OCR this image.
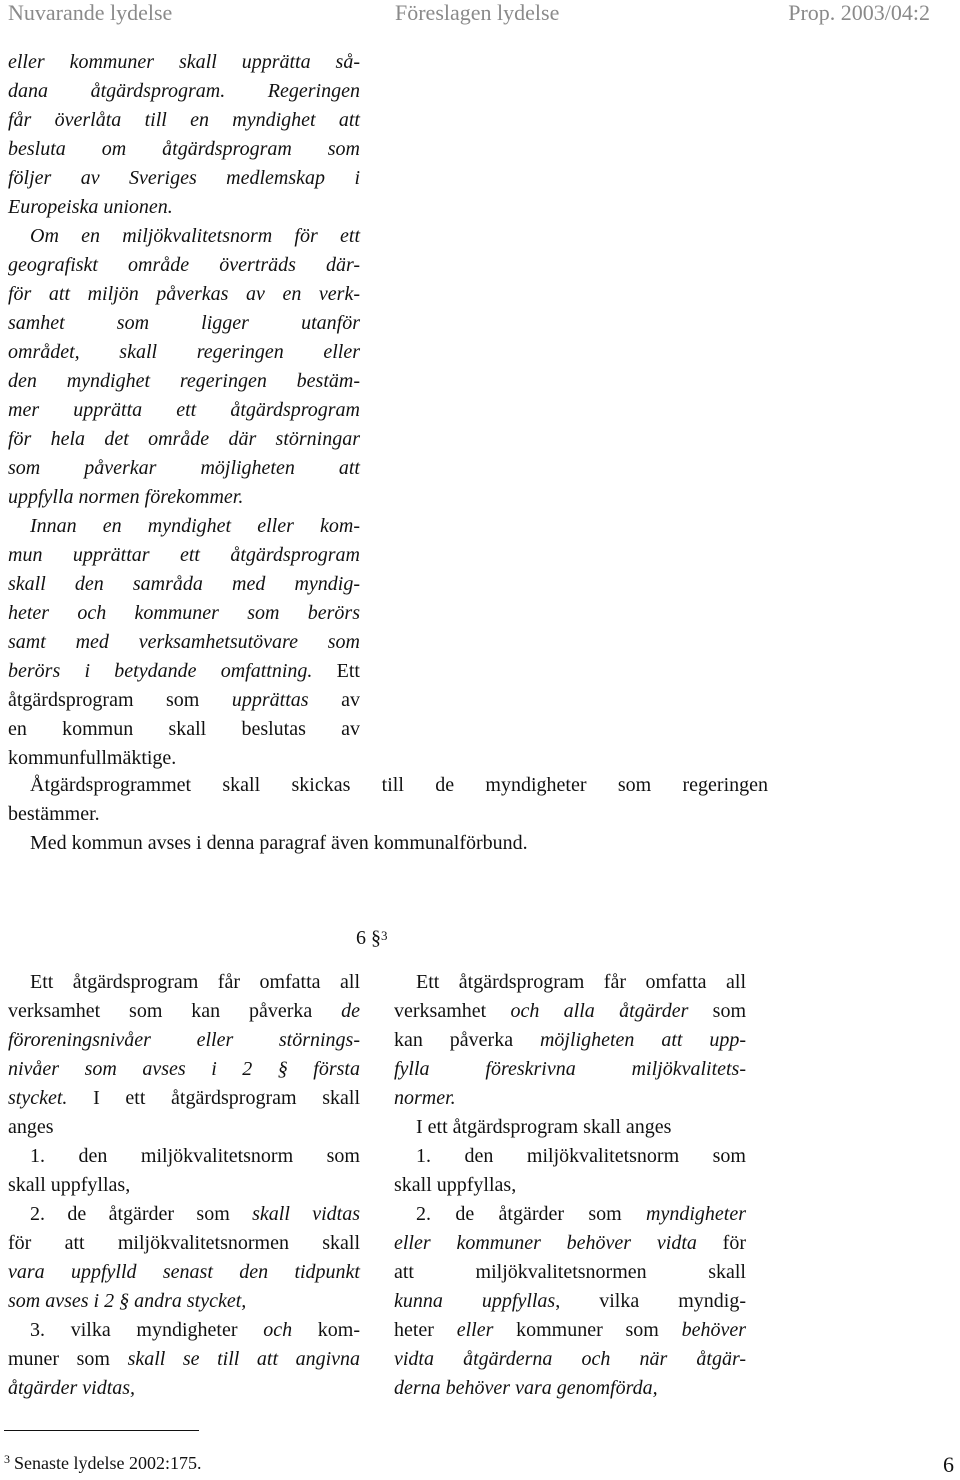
Nuvarande lydelse	Föreslagen lydelse	Prop. 2003/04:2
eller kommuner skall upprätta så-
dana åtgärdsprogram. Regeringen
får överlåta till en myndighet att
besluta om åtgärdsprogram som
följer av Sveriges medlemskap i
Europeiska unionen.
Om en miljökvalitetsnorm för ett
geografiskt område överträds där-
för att miljön påverkas av en verk-
samhet som ligger utanför
området, skall regeringen eller
den myndighet regeringen bestäm-
mer upprätta ett åtgärdsprogram
för hela det område där störningar
som påverkar möjligheten att
uppfylla normen förekommer.
Innan en myndighet eller kom-
mun upprättar ett åtgärdsprogram
skall den samråda med myndig-
heter och kommuner som berörs
samt med verksamhetsutövare som
berörs i betydande omfattning. Ett
åtgärdsprogram som upprättas av
en kommun skall beslutas av
kommunfullmäktige.
Åtgärdsprogrammet skall skickas till de myndigheter som regeringen
bestämmer.
Med kommun avses i denna paragraf även kommunalförbund.
6 §$^3$
Ett åtgärdsprogram får omfatta all
verksamhet som kan påverka de
föroreningsnivåer eller störnings-
nivåer som avses i 2 § första
stycket. I ett åtgärdsprogram skall
anges
1. den miljökvalitetsnorm som
skall uppfyllas,
2. de åtgärder som skall vidtas
för att miljökvalitetsnormen skall
vara uppfylld senast den tidpunkt
som avses i 2 § andra stycket,
3. vilka myndigheter och kom-
muner som skall se till att angivna
åtgärder vidtas,
Ett åtgärdsprogram får omfatta all
verksamhet och alla åtgärder som
kan påverka möjligheten att upp-
fylla föreskrivna miljökvalitets-
normer.
I ett åtgärdsprogram skall anges
1. den miljökvalitetsnorm som
skall uppfyllas,
2. de åtgärder som myndigheter
eller kommuner behöver vidta för
att miljökvalitetsnormen skall
kunna uppfyllas, vilka myndig-
heter eller kommuner som behöver
vidta åtgärderna och när åtgär-
derna behöver vara genomförda,
$^3$ Senaste lydelse 2002:175.	6
